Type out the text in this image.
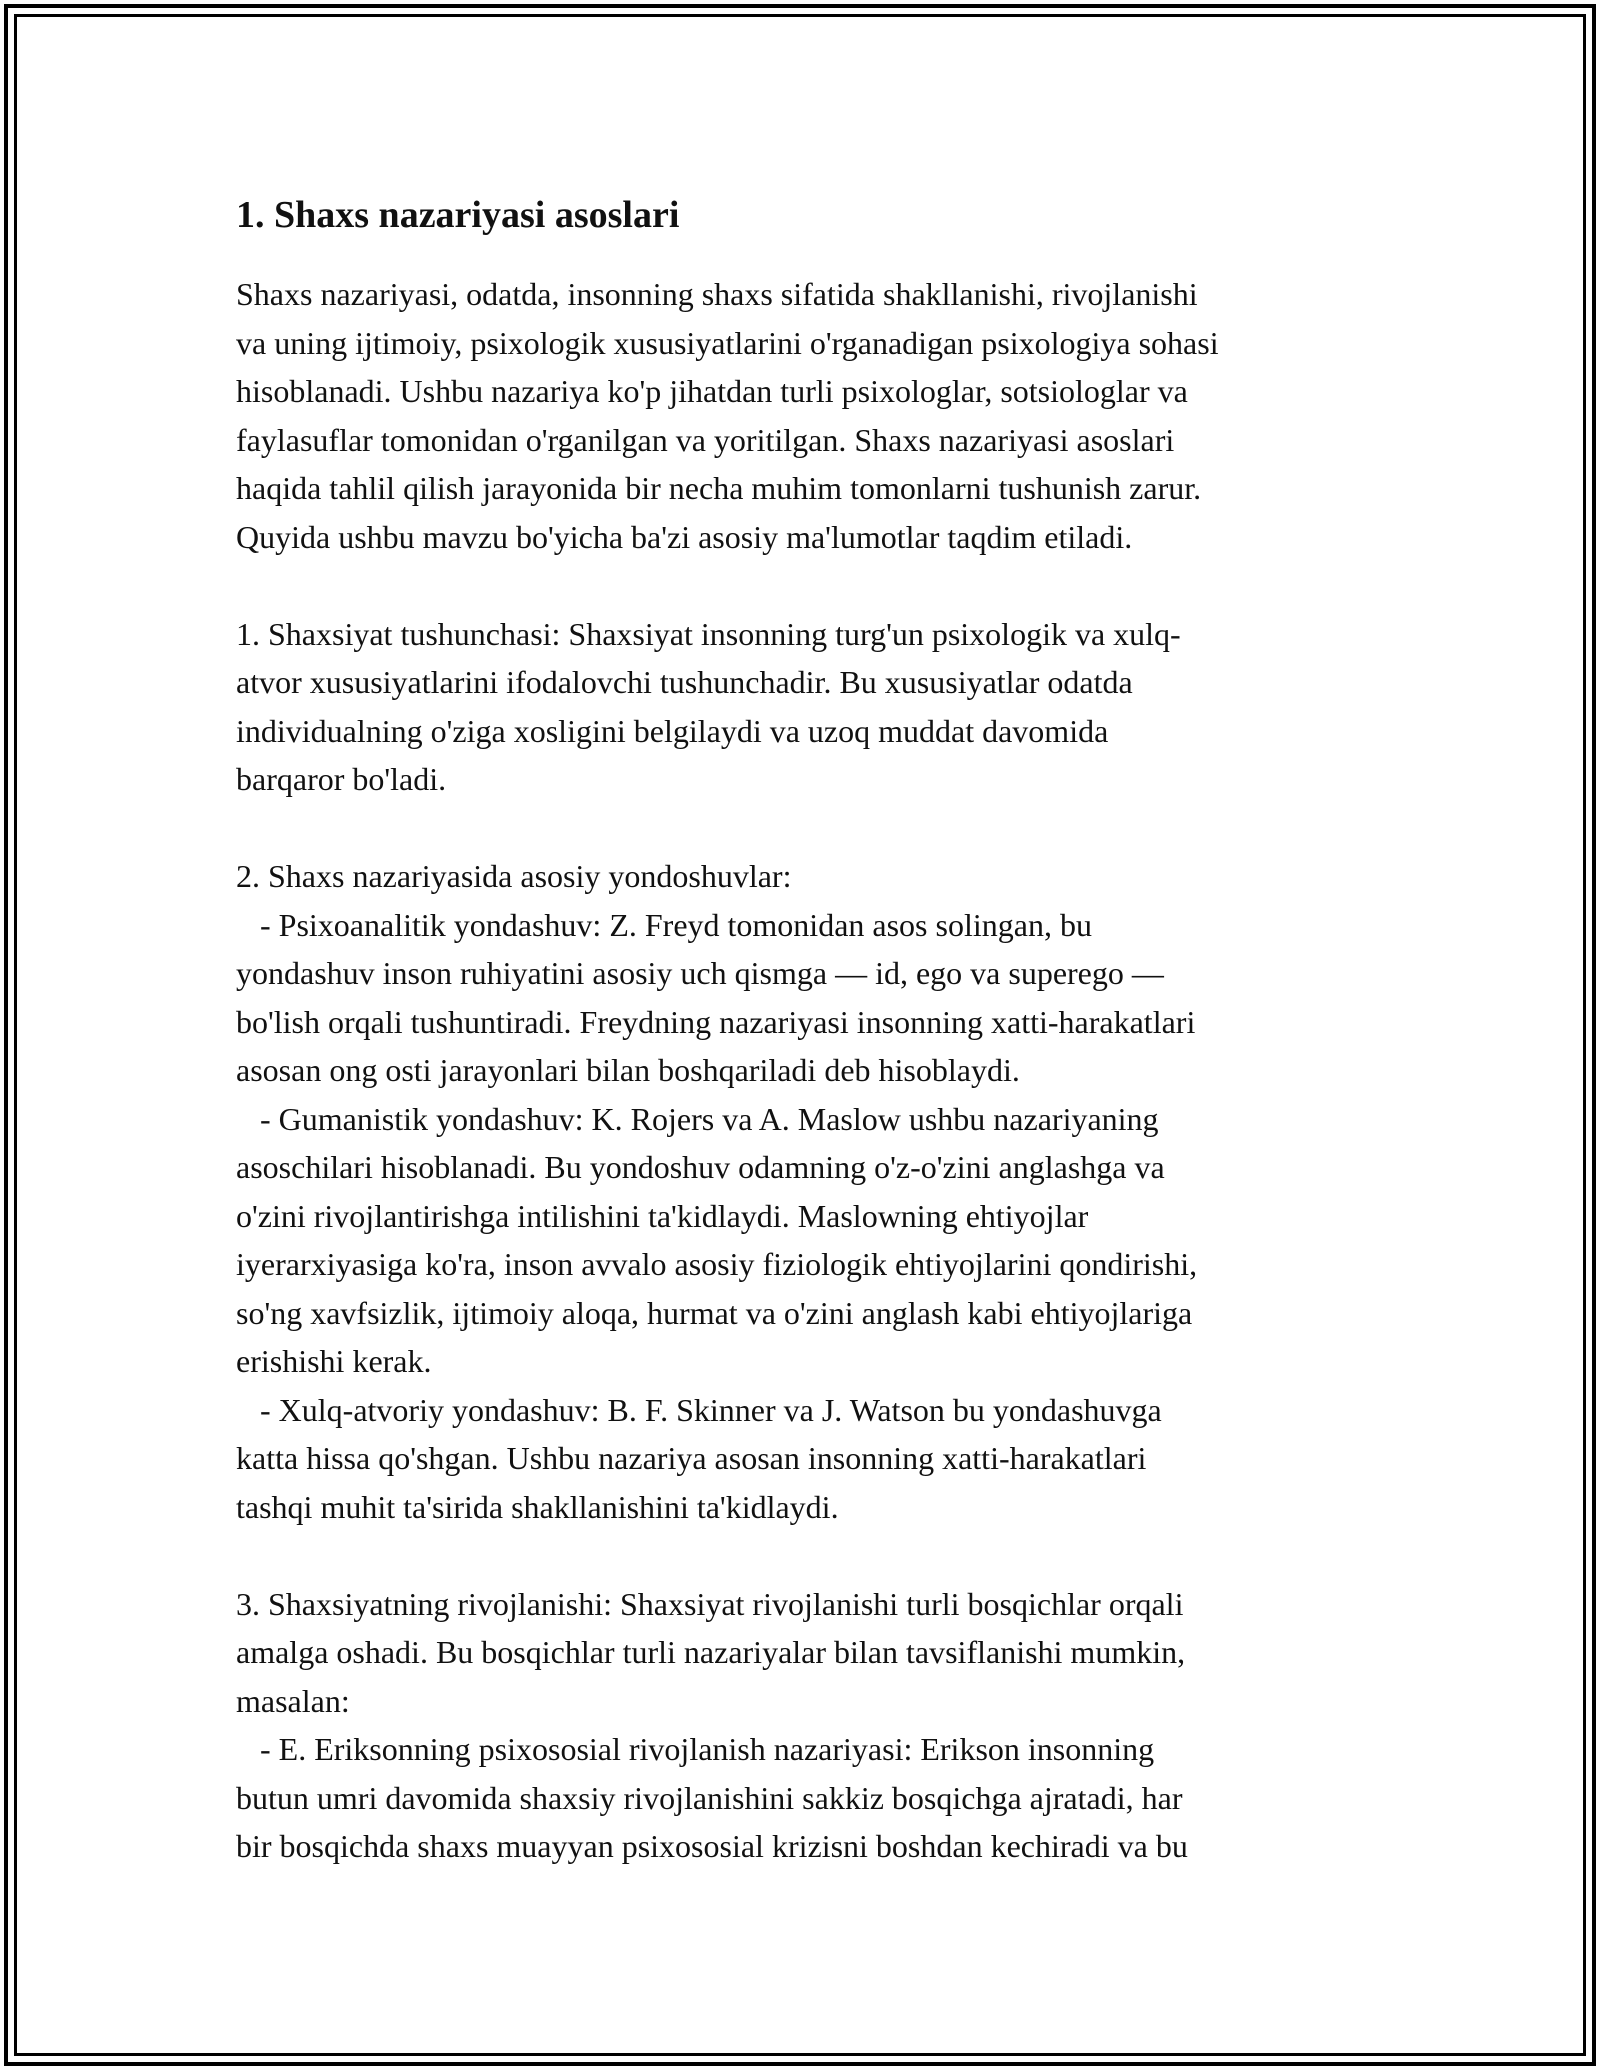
1. Shaxs nazariyasi asoslari

Shaxs nazariyasi, odatda, insonning shaxs sifatida shakllanishi, rivojlanishi
va uning ijtimoiy, psixologik xususiyatlarini o'rganadigan psixologiya sohasi
hisoblanadi. Ushbu nazariya ko'p jihatdan turli psixologlar, sotsiologlar va
faylasuflar tomonidan o'rganilgan va yoritilgan. Shaxs nazariyasi asoslari
haqida tahlil qilish jarayonida bir necha muhim tomonlarni tushunish zarur.
Quyida ushbu mavzu bo'yicha ba'zi asosiy ma'lumotlar taqdim etiladi.

1. Shaxsiyat tushunchasi: Shaxsiyat insonning turg'un psixologik va xulq-
atvor xususiyatlarini ifodalovchi tushunchadir. Bu xususiyatlar odatda
individualning o'ziga xosligini belgilaydi va uzoq muddat davomida
barqaror bo'ladi.

2. Shaxs nazariyasida asosiy yondoshuvlar:
- Psixoanalitik yondashuv: Z. Freyd tomonidan asos solingan, bu
yondashuv inson ruhiyatini asosiy uch qismga — id, ego va superego —
bo'lish orqali tushuntiradi. Freydning nazariyasi insonning xatti-harakatlari
asosan ong osti jarayonlari bilan boshqariladi deb hisoblaydi.
- Gumanistik yondashuv: K. Rojers va A. Maslow ushbu nazariyaning
asoschilari hisoblanadi. Bu yondoshuv odamning o'z-o'zini anglashga va
o'zini rivojlantirishga intilishini ta'kidlaydi. Maslowning ehtiyojlar
iyerarxiyasiga ko'ra, inson avvalo asosiy fiziologik ehtiyojlarini qondirishi,
so'ng xavfsizlik, ijtimoiy aloqa, hurmat va o'zini anglash kabi ehtiyojlariga
erishishi kerak.
- Xulq-atvoriy yondashuv: B. F. Skinner va J. Watson bu yondashuvga
katta hissa qo'shgan. Ushbu nazariya asosan insonning xatti-harakatlari
tashqi muhit ta'sirida shakllanishini ta'kidlaydi.

3. Shaxsiyatning rivojlanishi: Shaxsiyat rivojlanishi turli bosqichlar orqali
amalga oshadi. Bu bosqichlar turli nazariyalar bilan tavsiflanishi mumkin,
masalan:
- E. Eriksonning psixososial rivojlanish nazariyasi: Erikson insonning
butun umri davomida shaxsiy rivojlanishini sakkiz bosqichga ajratadi, har
bir bosqichda shaxs muayyan psixososial krizisni boshdan kechiradi va bu
